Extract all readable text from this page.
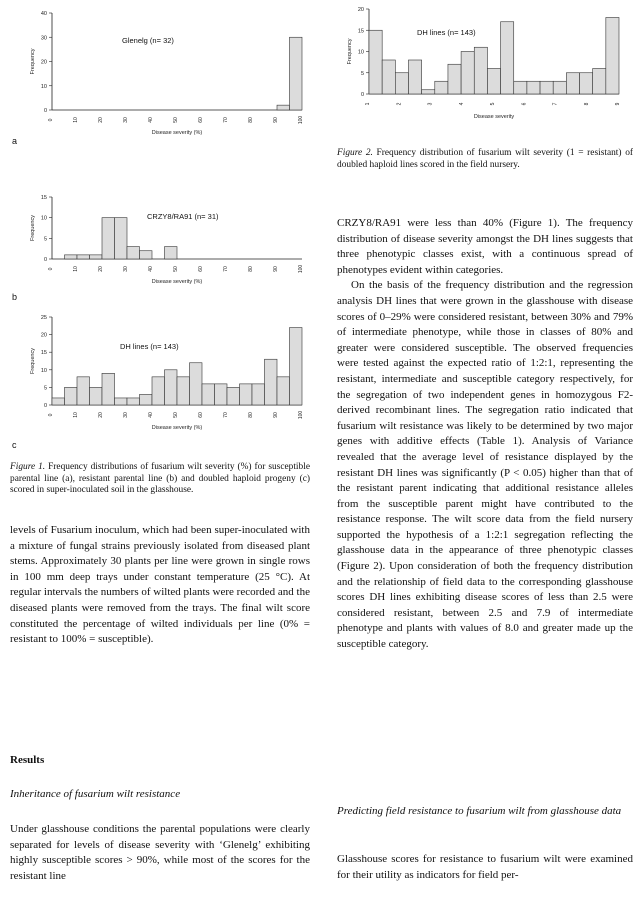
0
10
20
30
40
0	10	20	30	40	50	60	70	80	90	100
Disease severity (%)
Frequency
Glenelg (n= 32)
a
0
5
10
15
0	10	20	30	40	50	60	70	80	90	100
Disease severity (%)
Frequency	CRZY8/RA91 (n= 31)
b
0
5
10
15
20
25
0	10	20	30	40	50	60	70	80	90	100
Disease severity (%)
Frequency
DH lines (n= 143)
c
Figure 1. Frequency distributions of fusarium wilt severity (%) for susceptible parental line (a), resistant parental line (b) and doubled haploid progeny (c) scored in super-inoculated soil in the glasshouse.
0
5
10
15
20
1	2	3	4	5	6	7	8	9
Disease severity
Frequency
DH lines (n= 143)
Figure 2. Frequency distribution of fusarium wilt severity (1 = resistant) of doubled haploid lines scored in the field nursery.

levels of Fusarium inoculum, which had been super-inoculated with a mixture of fungal strains previously isolated from diseased plant stems. Approximately 30 plants per line were grown in single rows in 100 mm deep trays under constant temperature (25 °C). At regular intervals the numbers of wilted plants were recorded and the diseased plants were removed from the trays. The final wilt score constituted the percentage of wilted individuals per line (0% = resistant to 100% = susceptible).

Results
Inheritance of fusarium wilt resistance

Under glasshouse conditions the parental populations were clearly separated for levels of disease severity with ‘Glenelg’ exhibiting highly susceptible scores > 90%, while most of the scores for the resistant line

CRZY8/RA91 were less than 40% (Figure 1). The frequency distribution of disease severity amongst the DH lines suggests that three phenotypic classes exist, with a continuous spread of phenotypes evident within categories.

On the basis of the frequency distribution and the regression analysis DH lines that were grown in the glasshouse with disease scores of 0–29% were considered resistant, between 30% and 79% of intermediate phenotype, while those in classes of 80% and greater were considered susceptible. The observed frequencies were tested against the expected ratio of 1:2:1, representing the resistant, intermediate and susceptible category respectively, for the segregation of two independent genes in homozygous F2-derived recombinant lines. The segregation ratio indicated that fusarium wilt resistance was likely to be determined by two major genes with additive effects (Table 1). Analysis of Variance revealed that the average level of resistance displayed by the resistant DH lines was significantly (P < 0.05) higher than that of the resistant parent indicating that additional resistance alleles from the susceptible parent might have contributed to the resistance response. The wilt score data from the field nursery supported the hypothesis of a 1:2:1 segregation reflecting the glasshouse data in the appearance of three phenotypic classes (Figure 2). Upon consideration of both the frequency distribution and the relationship of field data to the corresponding glasshouse scores DH lines exhibiting disease scores of less than 2.5 were considered resistant, between 2.5 and 7.9 of intermediate phenotype and plants with values of 8.0 and greater made up the susceptible category.

Predicting field resistance to fusarium wilt from glasshouse data

Glasshouse scores for resistance to fusarium wilt were examined for their utility as indicators for field per-
